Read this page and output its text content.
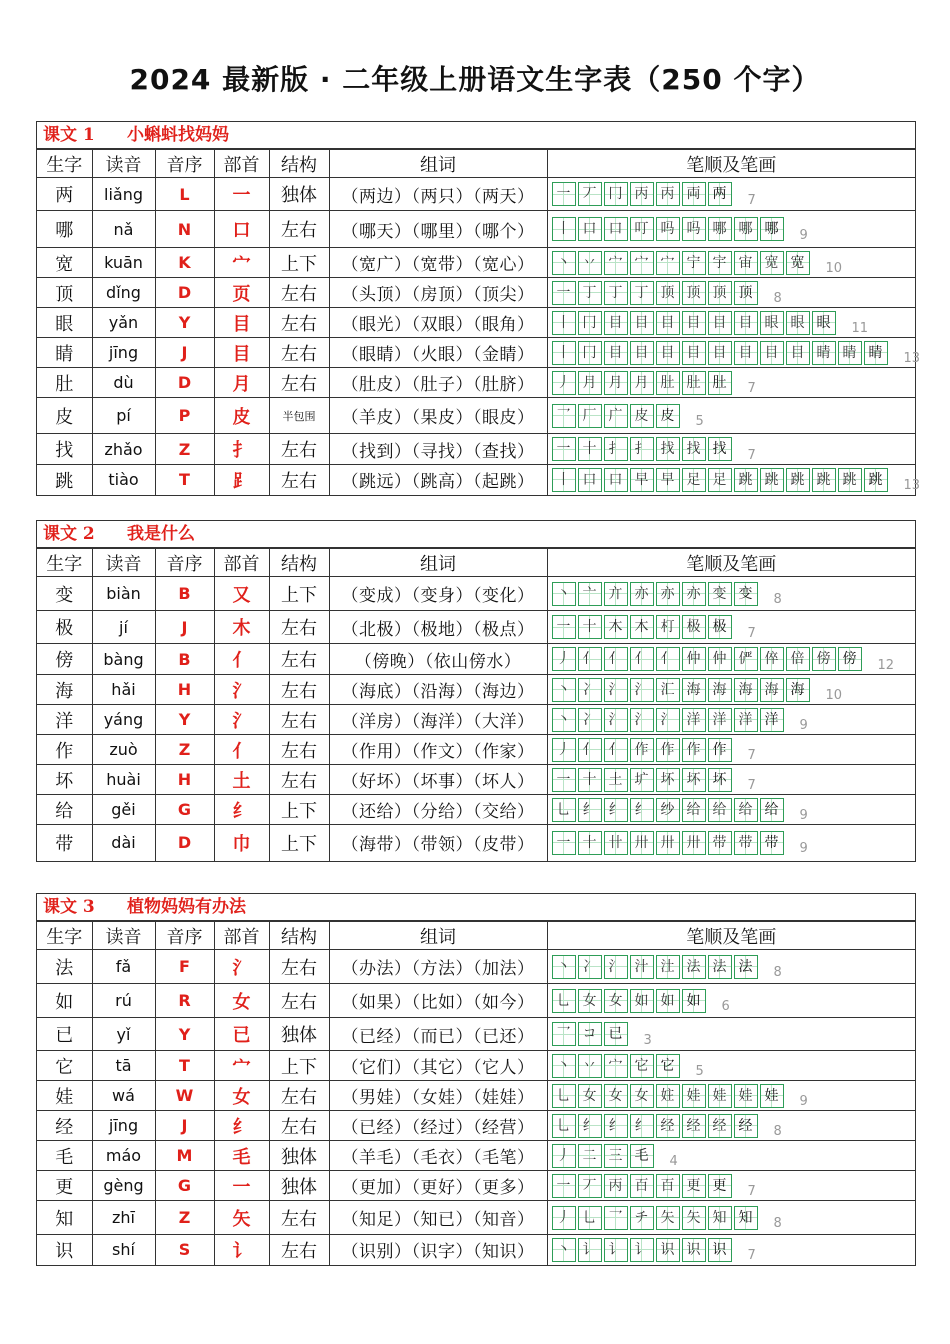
2024 最新版 · 二年级上册语文生字表（250 个字）
课文 1 小蝌蚪找妈妈
生字	读音	音序	部首	结构	组词	笔顺及笔画
两	liǎng	L	一	独体	（两边）（两只）（两天）	一 丆 冂 丙 丙 両 两 7
哪	nǎ	N	口	左右	（哪天）（哪里）（哪个）	丨 口 口 叮 吗 吗 哪 哪 哪 9
宽	kuān	K	宀	上下	（宽广）（宽带）（宽心）	丶 丷 宀 宀 宀 宁 宇 宙 宽 宽 10
顶	dǐng	D	页	左右	（头顶）（房顶）（顶尖）	一 丁 丁 丁 顶 顶 顶 顶 8
眼	yǎn	Y	目	左右	（眼光）（双眼）（眼角）	丨 冂 目 目 目 目 目 目 眼 眼 眼 11
睛	jīng	J	目	左右	（眼睛）（火眼）（金睛）	丨 冂 目 目 目 目 目 目 目 目 睛 睛 睛 13
肚	dù	D	月	左右	（肚皮）（肚子）（肚脐）	丿 月 月 月 肚 肚 肚 7
皮	pí	P	皮	半包围	（羊皮）（果皮）（眼皮）	乛 厂 广 皮 皮 5
找	zhǎo	Z	扌	左右	（找到）（寻找）（查找）	一 十 扌 扌 找 找 找 7
跳	tiào	T	⻊	左右	（跳远）（跳高）（起跳）	丨 口 口 早 早 足 足 跳 跳 跳 跳 跳 跳 13
课文 2 我是什么
生字	读音	音序	部首	结构	组词	笔顺及笔画
变	biàn	B	又	上下	（变成）（变身）（变化）	丶 亠 亣 亦 亦 亦 变 变 8
极	jí	J	木	左右	（北极）（极地）（极点）	一 十 木 木 朾 极 极 7
傍	bàng	B	亻	左右	（傍晚）（依山傍水）	丿 亻 亻 亻 亻 仲 仲 俨 倅 倍 傍 傍 12
海	hǎi	H	氵	左右	（海底）（沿海）（海边）	丶 冫 氵 氵 汇 海 海 海 海 海 10
洋	yáng	Y	氵	左右	（洋房）（海洋）（大洋）	丶 冫 氵 氵 氵 洋 洋 洋 洋 9
作	zuò	Z	亻	左右	（作用）（作文）（作家）	丿 亻 亻 作 作 作 作 7
坏	huài	H	土	左右	（好坏）（坏事）（坏人）	一 十 土 圹 坏 坏 坏 7
给	gěi	G	纟	上下	（还给）（分给）（交给）	乚 纟 纟 纟 纱 给 给 给 给 9
带	dài	D	巾	上下	（海带）（带领）（皮带）	一 十 卄 卅 卅 卅 带 带 带 9
课文 3 植物妈妈有办法
生字	读音	音序	部首	结构	组词	笔顺及笔画
法	fǎ	F	氵	左右	（办法）（方法）（加法）	丶 冫 氵 汁 汢 法 法 法 8
如	rú	R	女	左右	（如果）（比如）（如今）	乚 女 女 如 如 如 6
已	yǐ	Y	已	独体	（已经）（而已）（已还）	乛 コ 已 3
它	tā	T	宀	上下	（它们）（其它）（它人）	丶 丷 宀 它 它 5
娃	wá	W	女	左右	（男娃）（女娃）（娃娃）	乚 女 女 女 妵 娃 娃 娃 娃 9
经	jīng	J	纟	左右	（已经）（经过）（经营）	乚 纟 纟 纟 经 经 经 经 8
毛	máo	M	毛	独体	（羊毛）（毛衣）（毛笔）	丿 二 三 毛 4
更	gèng	G	一	独体	（更加）（更好）（更多）	一 丆 丙 百 百 更 更 7
知	zhī	Z	矢	左右	（知足）（知已）（知音）	丿 乚 乛 チ 矢 矢 知 知 8
识	shí	S	讠	左右	（识别）（识字）（知识）	丶 讠 讠 讠 识 识 识 7
